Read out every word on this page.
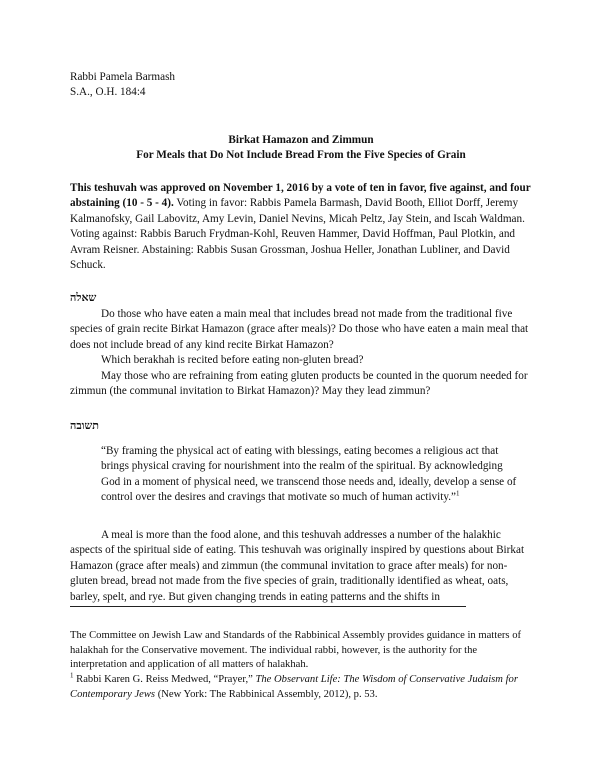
Rabbi Pamela Barmash
S.A., O.H. 184:4
Birkat Hamazon and Zimmun
For Meals that Do Not Include Bread From the Five Species of Grain
This teshuvah was approved on November 1, 2016 by a vote of ten in favor, five against, and four abstaining (10 - 5 - 4). Voting in favor: Rabbis Pamela Barmash, David Booth, Elliot Dorff, Jeremy Kalmanofsky, Gail Labovitz, Amy Levin, Daniel Nevins, Micah Peltz, Jay Stein, and Iscah Waldman. Voting against: Rabbis Baruch Frydman-Kohl, Reuven Hammer, David Hoffman, Paul Plotkin, and Avram Reisner. Abstaining: Rabbis Susan Grossman, Joshua Heller, Jonathan Lubliner, and David Schuck.
שאלה
Do those who have eaten a main meal that includes bread not made from the traditional five species of grain recite Birkat Hamazon (grace after meals)? Do those who have eaten a main meal that does not include bread of any kind recite Birkat Hamazon?
Which berakhah is recited before eating non-gluten bread?
May those who are refraining from eating gluten products be counted in the quorum needed for zimmun (the communal invitation to Birkat Hamazon)? May they lead zimmun?
תשובה
“By framing the physical act of eating with blessings, eating becomes a religious act that brings physical craving for nourishment into the realm of the spiritual. By acknowledging God in a moment of physical need, we transcend those needs and, ideally, develop a sense of control over the desires and cravings that motivate so much of human activity.”$^1$
A meal is more than the food alone, and this teshuvah addresses a number of the halakhic aspects of the spiritual side of eating. This teshuvah was originally inspired by questions about Birkat Hamazon (grace after meals) and zimmun (the communal invitation to grace after meals) for non-gluten bread, bread not made from the five species of grain, traditionally identified as wheat, oats, barley, spelt, and rye. But given changing trends in eating patterns and the shifts in
The Committee on Jewish Law and Standards of the Rabbinical Assembly provides guidance in matters of halakhah for the Conservative movement. The individual rabbi, however, is the authority for the interpretation and application of all matters of halakhah.
$^1$ Rabbi Karen G. Reiss Medwed, “Prayer,” The Observant Life: The Wisdom of Conservative Judaism for Contemporary Jews (New York: The Rabbinical Assembly, 2012), p. 53.
